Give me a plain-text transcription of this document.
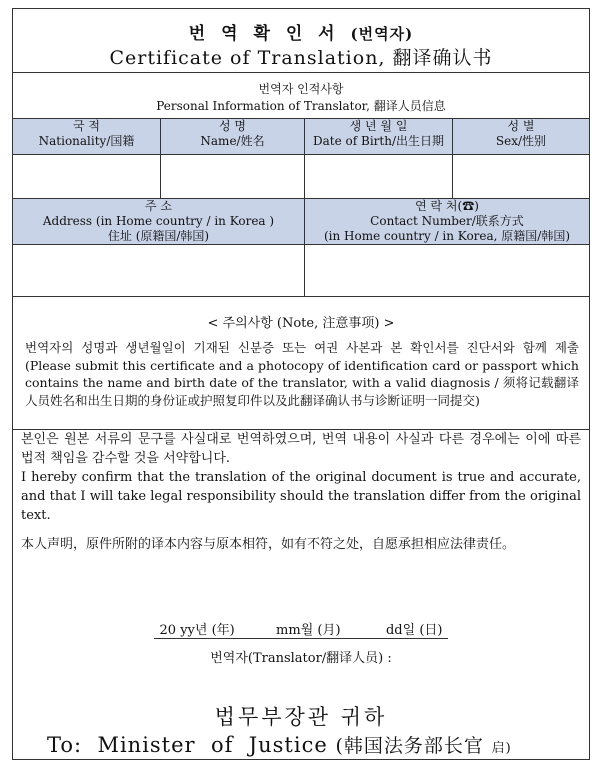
번 역 확 인 서 (번역자)
Certificate of Translation, 翻译确认书
번역자 인적사항
Personal Information of Translator, 翻译人员信息
국 적
Nationality/国籍
성 명
Name/姓名
생 년 월 일
Date of Birth/出生日期
성 별
Sex/性别
주 소
Address (in Home country / in Korea )
住址 (原籍国/韩国)
연 락 처(☎)
Contact Number/联系方式
(in Home country / in Korea, 原籍国/韩国)
< 주의사항 (Note, 注意事项) >
번역자의 성명과 생년월일이 기재된 신분증 또는 여권 사본과 본 확인서를 진단서와 함께 제출 (Please submit this certificate and a photocopy of identification card or passport which contains the name and birth date of the translator, with a valid diagnosis / 须将记载翻译人员姓名和出生日期的身份证或护照复印件以及此翻译确认书与诊断证明一同提交)

본인은 원본 서류의 문구를 사실대로 번역하였으며, 번역 내용이 사실과 다른 경우에는 이에 따른 법적 책임을 감수할 것을 서약합니다.

I hereby confirm that the translation of the original document is true and accurate, and that I will take legal responsibility should the translation differ from the original text.

本人声明，原件所附的译本内容与原本相符，如有不符之处，自愿承担相应法律责任。

20 yy년 (年)          mm월 (月)           dd일 (日)
번역자(Translator/翻译人员) :
법무부장관 귀하
To:  Minister  of  Justice (韩国法务部长官 启)
